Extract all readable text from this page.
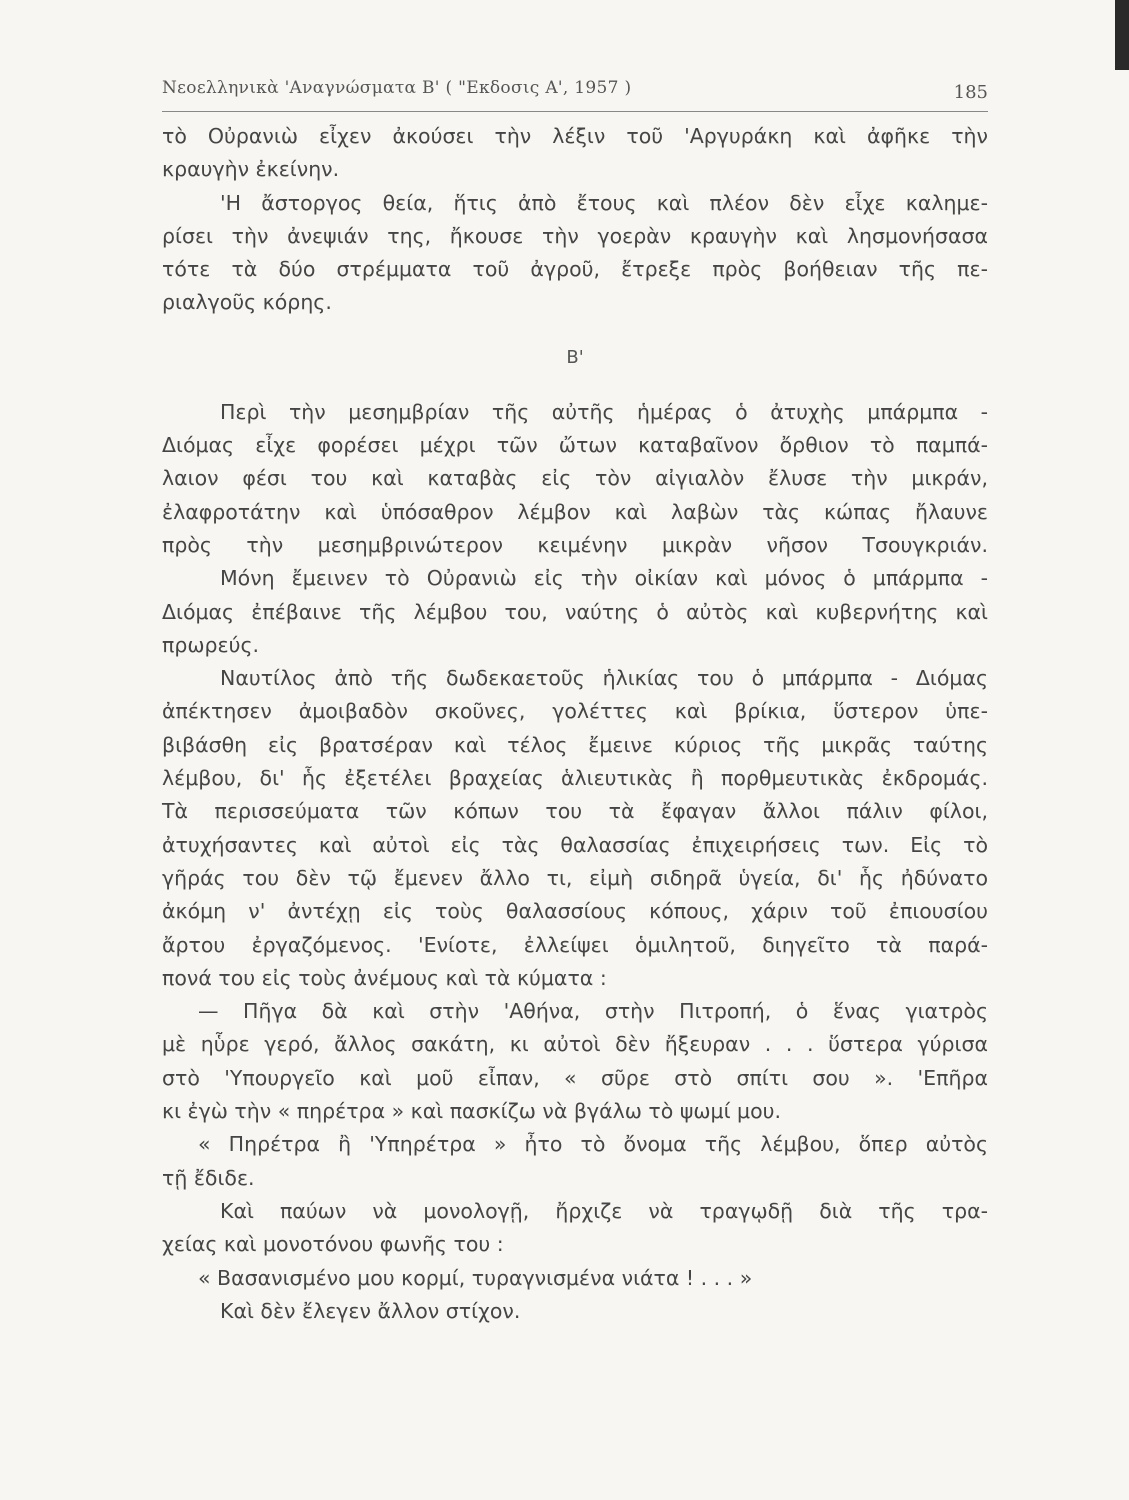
Νεοελληνικὰ 'Αναγνώσματα Β' ( "Εκδοσις Α', 1957 )	185
τὸ Οὐρανιὼ εἶχεν ἀκούσει τὴν λέξιν τοῦ 'Αργυράκη καὶ ἀφῆκε τὴν
κραυγὴν ἐκείνην.
'Η ἄστοργος θεία, ἥτις ἀπὸ ἔτους καὶ πλέον δὲν εἶχε καλημε-
ρίσει τὴν ἀνεψιάν της, ἤκουσε τὴν γοερὰν κραυγὴν καὶ λησμονήσασα
τότε τὰ δύο στρέμματα τοῦ ἀγροῦ, ἔτρεξε πρὸς βοήθειαν τῆς πε-
ριαλγοῦς κόρης.
Β'
Περὶ τὴν μεσημβρίαν τῆς αὐτῆς ἡμέρας ὁ ἀτυχὴς μπάρμπα -
Διόμας εἶχε φορέσει μέχρι τῶν ὤτων καταβαῖνον ὄρθιον τὸ παμπά-
λαιον φέσι του καὶ καταβὰς εἰς τὸν αἰγιαλὸν ἔλυσε τὴν μικράν,
ἐλαφροτάτην καὶ ὑπόσαθρον λέμβον καὶ λαβὼν τὰς κώπας ἤλαυνε
πρὸς τὴν μεσημβρινώτερον κειμένην μικρὰν νῆσον Τσουγκριάν.
Μόνη ἔμεινεν τὸ Οὐρανιὼ εἰς τὴν οἰκίαν καὶ μόνος ὁ μπάρμπα -
Διόμας ἐπέβαινε τῆς λέμβου του, ναύτης ὁ αὐτὸς καὶ κυβερνήτης καὶ
πρωρεύς.
Ναυτίλος ἀπὸ τῆς δωδεκαετοῦς ἡλικίας του ὁ μπάρμπα - Διόμας
ἀπέκτησεν ἀμοιβαδὸν σκοῦνες, γολέττες καὶ βρίκια, ὕστερον ὑπε-
βιβάσθη εἰς βρατσέραν καὶ τέλος ἔμεινε κύριος τῆς μικρᾶς ταύτης
λέμβου, δι' ἧς ἐξετέλει βραχείας ἁλιευτικὰς ἢ πορθμευτικὰς ἐκδρομάς.
Τὰ περισσεύματα τῶν κόπων του τὰ ἔφαγαν ἄλλοι πάλιν φίλοι,
ἀτυχήσαντες καὶ αὐτοὶ εἰς τὰς θαλασσίας ἐπιχειρήσεις των. Εἰς τὸ
γῆράς του δὲν τῷ ἔμενεν ἄλλο τι, εἰμὴ σιδηρᾶ ὑγεία, δι' ἧς ἠδύνατο
ἀκόμη ν' ἀντέχῃ εἰς τοὺς θαλασσίους κόπους, χάριν τοῦ ἐπιουσίου
ἄρτου ἐργαζόμενος. 'Ενίοτε, ἐλλείψει ὁμιλητοῦ, διηγεῖτο τὰ παρά-
πονά του εἰς τοὺς ἀνέμους καὶ τὰ κύματα :
— Πῆγα δὰ καὶ στὴν 'Αθήνα, στὴν Πιτροπή, ὁ ἕνας γιατρὸς
μὲ ηὗρε γερό, ἄλλος σακάτη, κι αὐτοὶ δὲν ἤξευραν . . . ὕστερα γύρισα
στὸ 'Υπουργεῖο καὶ μοῦ εἶπαν, « σῦρε στὸ σπίτι σου ». 'Επῆρα
κι ἐγὼ τὴν « πηρέτρα » καὶ πασκίζω νὰ βγάλω τὸ ψωμί μου.
« Πηρέτρα ἢ 'Υπηρέτρα » ἦτο τὸ ὄνομα τῆς λέμβου, ὅπερ αὐτὸς
τῇ ἔδιδε.
Καὶ παύων νὰ μονολογῇ, ἤρχιζε νὰ τραγῳδῇ διὰ τῆς τρα-
χείας καὶ μονοτόνου φωνῆς του :
« Βασανισμένο μου κορμί, τυραγνισμένα νιάτα ! . . . »
Καὶ δὲν ἔλεγεν ἄλλον στίχον.
